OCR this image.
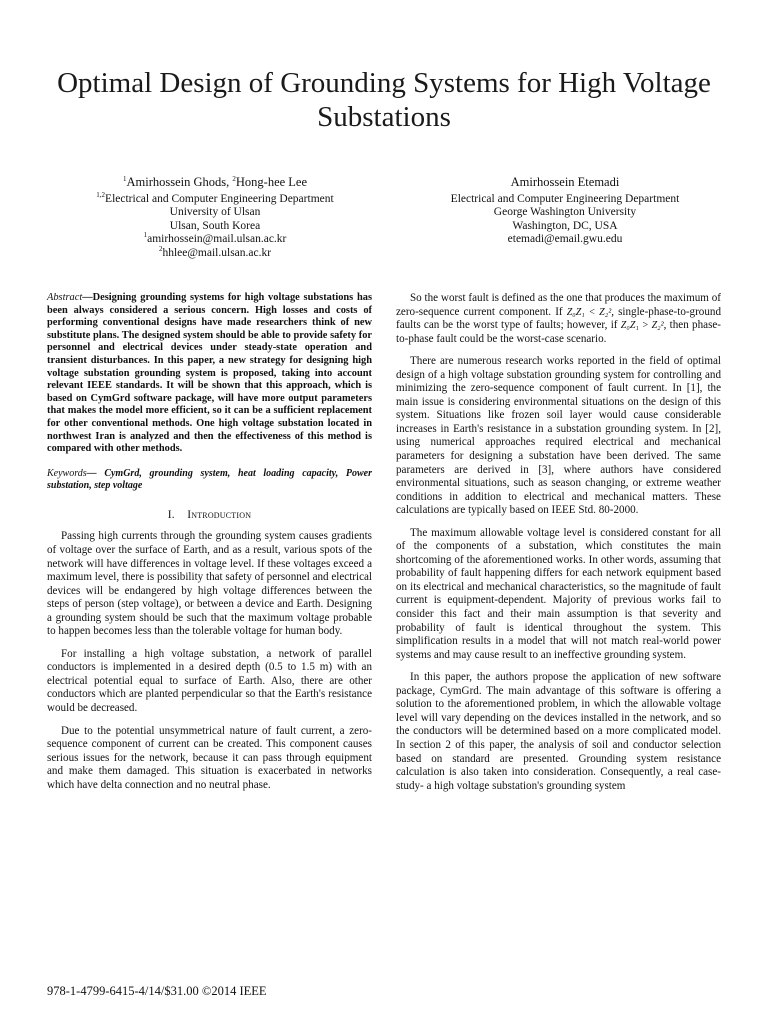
Optimal Design of Grounding Systems for High Voltage Substations
$^1$Amirhossein Ghods, $^2$Hong-hee Lee
$^{1,2}$Electrical and Computer Engineering Department
University of Ulsan
Ulsan, South Korea
$^1$amirhossein@mail.ulsan.ac.kr
$^2$hhlee@mail.ulsan.ac.kr
Amirhossein Etemadi
Electrical and Computer Engineering Department
George Washington University
Washington, DC, USA
etemadi@email.gwu.edu

Abstract—Designing grounding systems for high voltage substations has been always considered a serious concern. High losses and costs of performing conventional designs have made researchers think of new substitute plans. The designed system should be able to provide safety for personnel and electrical devices under steady-state operation and transient disturbances. In this paper, a new strategy for designing high voltage substation grounding system is proposed, taking into account relevant IEEE standards. It will be shown that this approach, which is based on CymGrd software package, will have more output parameters that makes the model more efficient, so it can be a sufficient replacement for other conventional methods. One high voltage substation located in northwest Iran is analyzed and then the effectiveness of this method is compared with other methods.

Keywords— CymGrd, grounding system, heat loading capacity, Power substation, step voltage

I. Introduction

Passing high currents through the grounding system causes gradients of voltage over the surface of Earth, and as a result, various spots of the network will have differences in voltage level. If these voltages exceed a maximum level, there is possibility that safety of personnel and electrical devices will be endangered by high voltage differences between the steps of person (step voltage), or between a device and Earth. Designing a grounding system should be such that the maximum voltage probable to happen becomes less than the tolerable voltage for human body.

For installing a high voltage substation, a network of parallel conductors is implemented in a desired depth (0.5 to 1.5 m) with an electrical potential equal to surface of Earth. Also, there are other conductors which are planted perpendicular so that the Earth's resistance would be decreased.

Due to the potential unsymmetrical nature of fault current, a zero-sequence component of current can be created. This component causes serious issues for the network, because it can pass through equipment and make them damaged. This situation is exacerbated in networks which have delta connection and no neutral phase.

So the worst fault is defined as the one that produces the maximum of zero-sequence current component. If Z₀Z₁ < Z₂², single-phase-to-ground faults can be the worst type of faults; however, if Z₀Z₁ > Z₂², then phase-to-phase fault could be the worst-case scenario.

There are numerous research works reported in the field of optimal design of a high voltage substation grounding system for controlling and minimizing the zero-sequence component of fault current. In [1], the main issue is considering environmental situations on the design of this system. Situations like frozen soil layer would cause considerable increases in Earth's resistance in a substation grounding system. In [2], using numerical approaches required electrical and mechanical parameters for designing a substation have been derived. The same parameters are derived in [3], where authors have considered environmental situations, such as season changing, or extreme weather conditions in addition to electrical and mechanical matters. These calculations are typically based on IEEE Std. 80-2000.

The maximum allowable voltage level is considered constant for all of the components of a substation, which constitutes the main shortcoming of the aforementioned works. In other words, assuming that probability of fault happening differs for each network equipment based on its electrical and mechanical characteristics, so the magnitude of fault current is equipment-dependent. Majority of previous works fail to consider this fact and their main assumption is that severity and probability of fault is identical throughout the system. This simplification results in a model that will not match real-world power systems and may cause result to an ineffective grounding system.

In this paper, the authors propose the application of new software package, CymGrd. The main advantage of this software is offering a solution to the aforementioned problem, in which the allowable voltage level will vary depending on the devices installed in the network, and so the conductors will be determined based on a more complicated model. In section 2 of this paper, the analysis of soil and conductor selection based on standard are presented. Grounding system resistance calculation is also taken into consideration. Consequently, a real case-study- a high voltage substation's grounding system

978-1-4799-6415-4/14/$31.00 ©2014 IEEE
